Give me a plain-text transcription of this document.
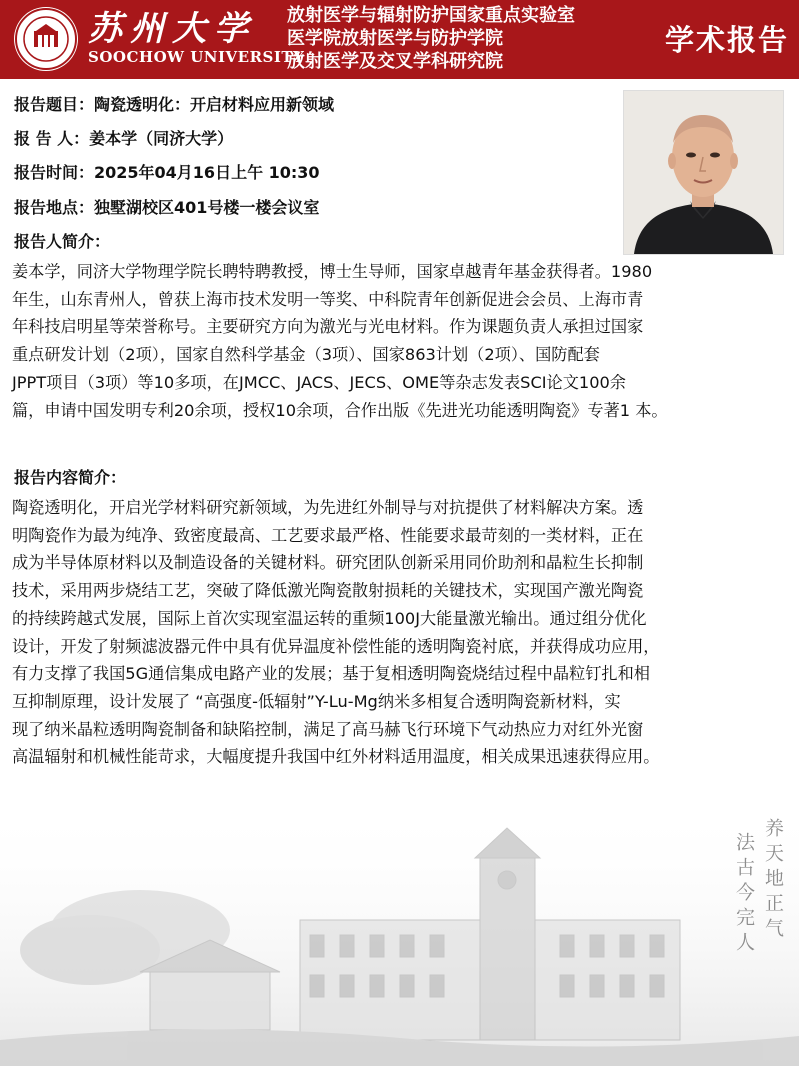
苏州大学
SOOCHOW UNIVERSITY
放射医学与辐射防护国家重点实验室
医学院放射医学与防护学院
放射医学及交叉学科研究院
学术报告
报告题目：陶瓷透明化：开启材料应用新领域
报 告 人：姜本学（同济大学）
报告时间：2025年04月16日上午 10:30
报告地点：独墅湖校区401号楼一楼会议室
报告人简介：
姜本学，同济大学物理学院长聘特聘教授，博士生导师，国家卓越青年基金获得者。1980
年生，山东青州人，曾获上海市技术发明一等奖、中科院青年创新促进会会员、上海市青
年科技启明星等荣誉称号。主要研究方向为激光与光电材料。作为课题负责人承担过国家
重点研发计划（2项），国家自然科学基金（3项）、国家863计划（2项）、国防配套
JPPT项目（3项）等10多项，在JMCC、JACS、JECS、OME等杂志发表SCI论文100余
篇，申请中国发明专利20余项，授权10余项，合作出版《先进光功能透明陶瓷》专著1 本。
报告内容简介：
陶瓷透明化，开启光学材料研究新领域，为先进红外制导与对抗提供了材料解决方案。透
明陶瓷作为最为纯净、致密度最高、工艺要求最严格、性能要求最苛刻的一类材料，正在
成为半导体原材料以及制造设备的关键材料。研究团队创新采用同价助剂和晶粒生长抑制
技术，采用两步烧结工艺，突破了降低激光陶瓷散射损耗的关键技术，实现国产激光陶瓷
的持续跨越式发展，国际上首次实现室温运转的重频100J大能量激光输出。通过组分优化
设计，开发了射频滤波器元件中具有优异温度补偿性能的透明陶瓷衬底，并获得成功应用，
有力支撑了我国5G通信集成电路产业的发展；基于复相透明陶瓷烧结过程中晶粒钉扎和相
互抑制原理，设计发展了 “高强度-低辐射”Y-Lu-Mg纳米多相复合透明陶瓷新材料，实
现了纳米晶粒透明陶瓷制备和缺陷控制，满足了高马赫飞行环境下气动热应力对红外光窗
高温辐射和机械性能苛求，大幅度提升我国中红外材料适用温度，相关成果迅速获得应用。
法古今完人 养天地正气
